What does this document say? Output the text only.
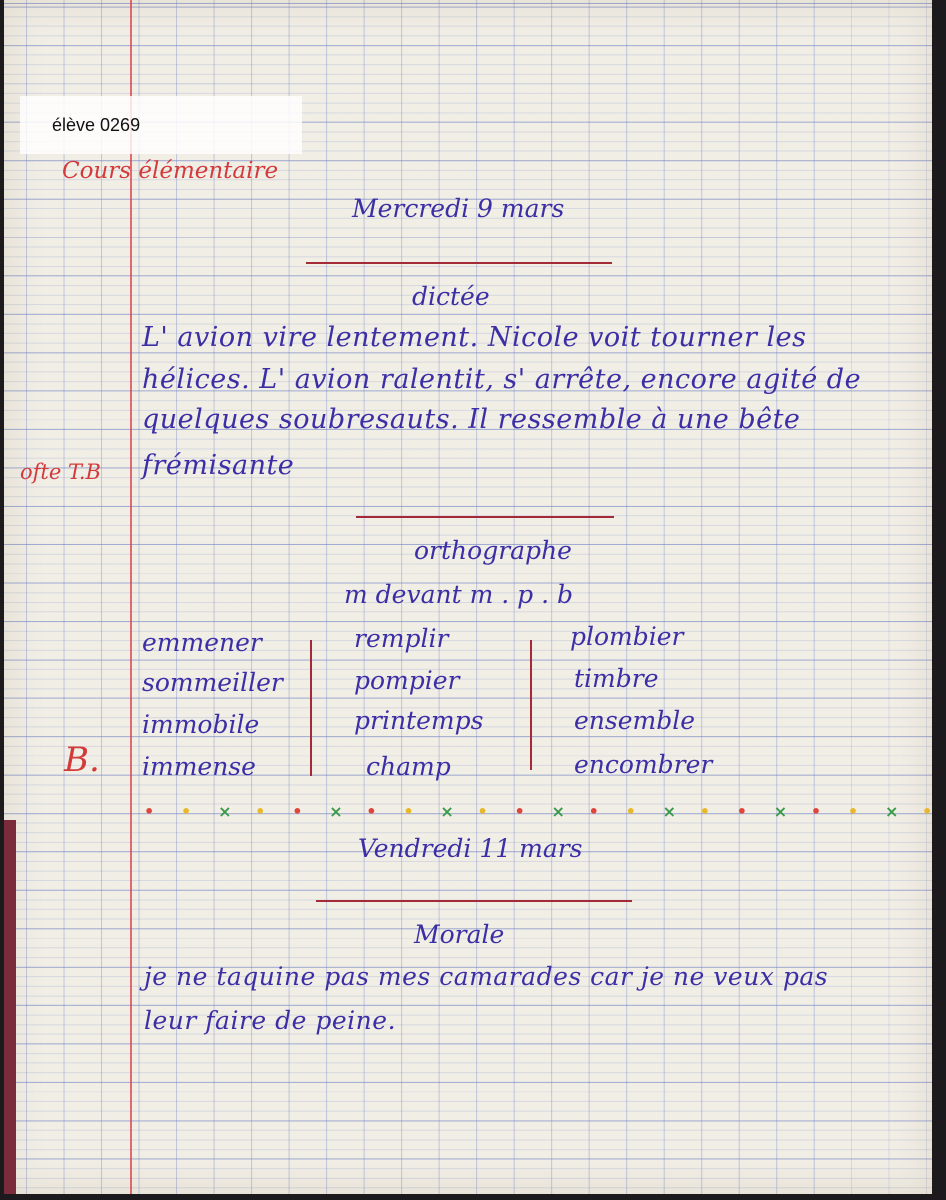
élève 0269
Cours élémentaire
Mercredi 9 mars
dictée
L' avion vire lentement. Nicole voit tourner les
hélices. L' avion ralentit, s' arrête, encore agité de
quelques soubresauts. Il ressemble à une bête
frémisante
ofte T.B
orthographe
m devant m . p . b
emmener
sommeiller
immobile
immense
remplir
pompier
printemps
champ
plombier
timbre
ensemble
encombrer
B.
• • × • • × • • × • • × • • × • • × • • × •
Vendredi 11 mars
Morale
je ne taquine pas mes camarades car je ne veux pas
leur faire de peine.
